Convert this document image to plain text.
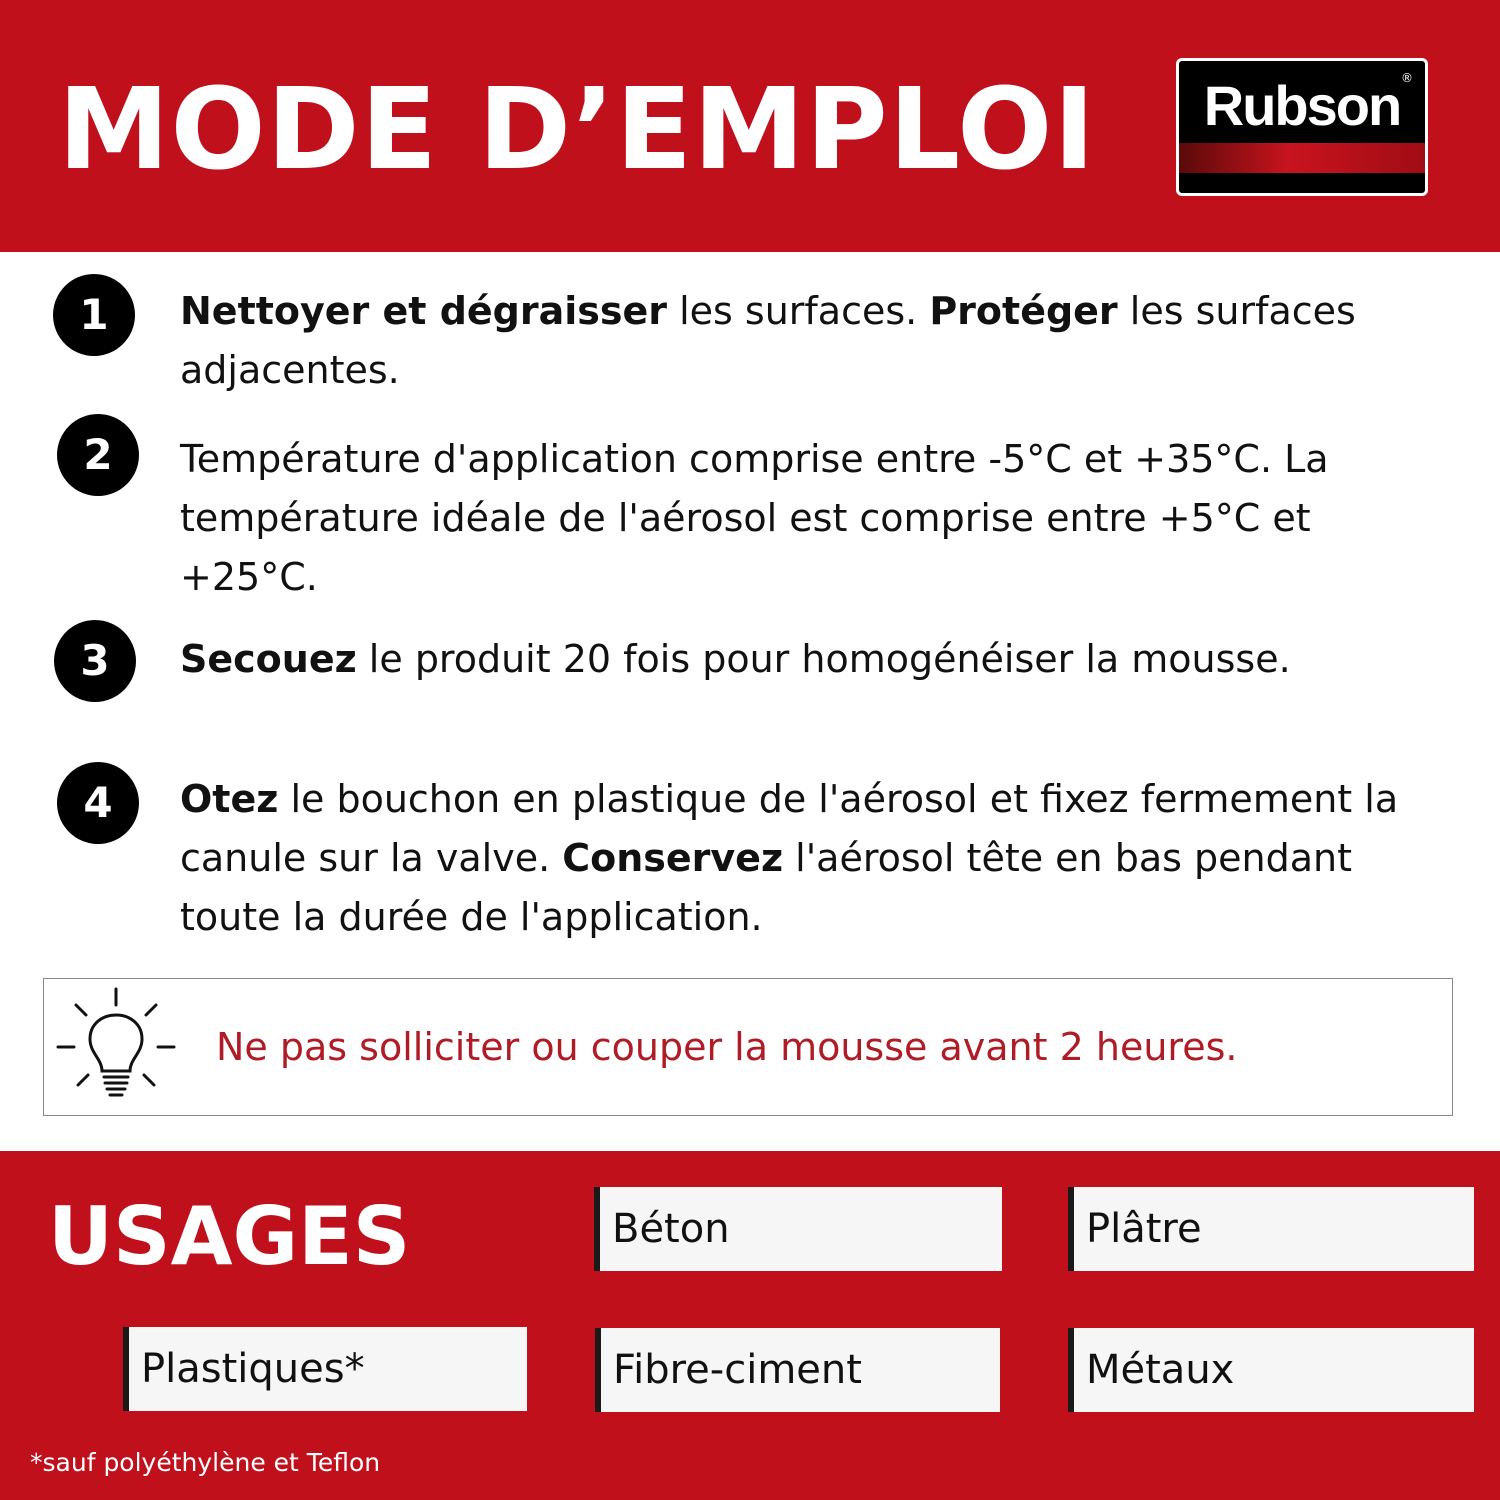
MODE D’EMPLOI	Rubson ®
1	Nettoyer et dégraisser les surfaces. Protéger les surfaces adjacentes.
2	Température d'application comprise entre -5°C et +35°C. La température idéale de l'aérosol est comprise entre +5°C et +25°C.
3	Secouez le produit 20 fois pour homogénéiser la mousse.
4	Otez le bouchon en plastique de l'aérosol et fixez fermement la canule sur la valve. Conservez l'aérosol tête en bas pendant toute la durée de l'application.
Ne pas solliciter ou couper la mousse avant 2 heures.
USAGES	Béton	Plâtre
Plastiques*	Fibre-ciment	Métaux
*sauf polyéthylène et Teflon
